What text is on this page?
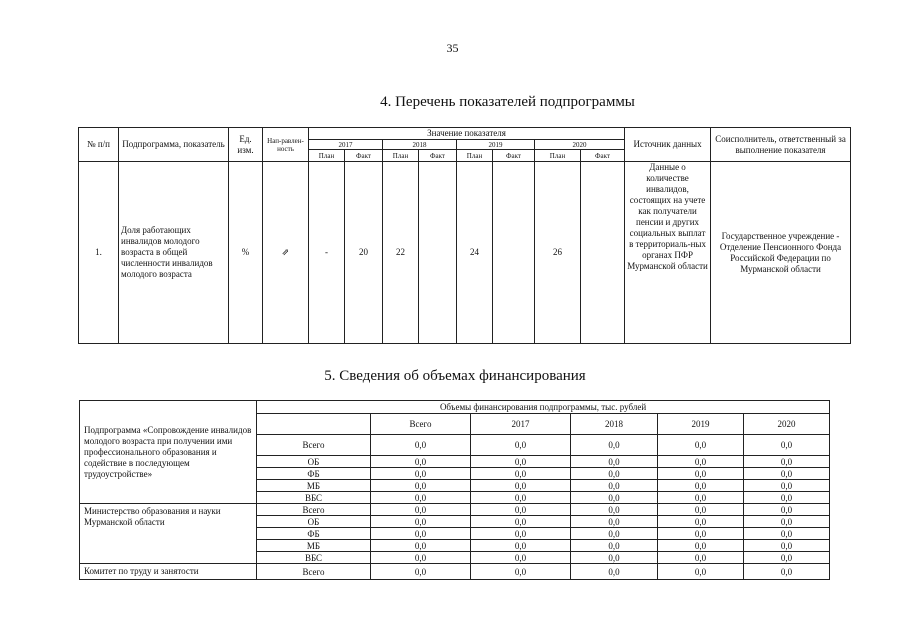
35
4. Перечень показателей подпрограммы
№ п/п	Подпрограмма, показатель	Ед. изм.	Нап-равлен-ность	Значение показателя								Источник данных	Соисполнитель, ответственный за выполнение показателя
				2017		2018		2019		2020			
				План	Факт	План	Факт	План	Факт	План	Факт		
1.	Доля работающих инвалидов молодого возраста в общей численности инвалидов молодого возраста	%	⇗	-	20	22		24		26		Данные о количестве инвалидов, состоящих на учете как получатели пенсии и других социальных выплат в территориаль-ных органах ПФР Мурманской области	Государственное учреждение - Отделение Пенсионного Фонда Российской Федерации по Мурманской области
5. Сведения об объемах финансирования
Подпрограмма «Сопровождение инвалидов молодого возраста при получении ими профессионального образования и содействие в последующем трудоустройстве»	Объемы финансирования подпрограммы, тыс. рублей					
		Всего	2017	2018	2019	2020
	Всего	0,0	0,0	0,0	0,0	0,0
	ОБ	0,0	0,0	0,0	0,0	0,0
	ФБ	0,0	0,0	0,0	0,0	0,0
	МБ	0,0	0,0	0,0	0,0	0,0
	ВБС	0,0	0,0	0,0	0,0	0,0
Министерство образования и науки Мурманской области	Всего	0,0	0,0	0,0	0,0	0,0
	ОБ	0,0	0,0	0,0	0,0	0,0
	ФБ	0,0	0,0	0,0	0,0	0,0
	МБ	0,0	0,0	0,0	0,0	0,0
	ВБС	0,0	0,0	0,0	0,0	0,0
Комитет по труду и занятости	Всего	0,0	0,0	0,0	0,0	0,0
